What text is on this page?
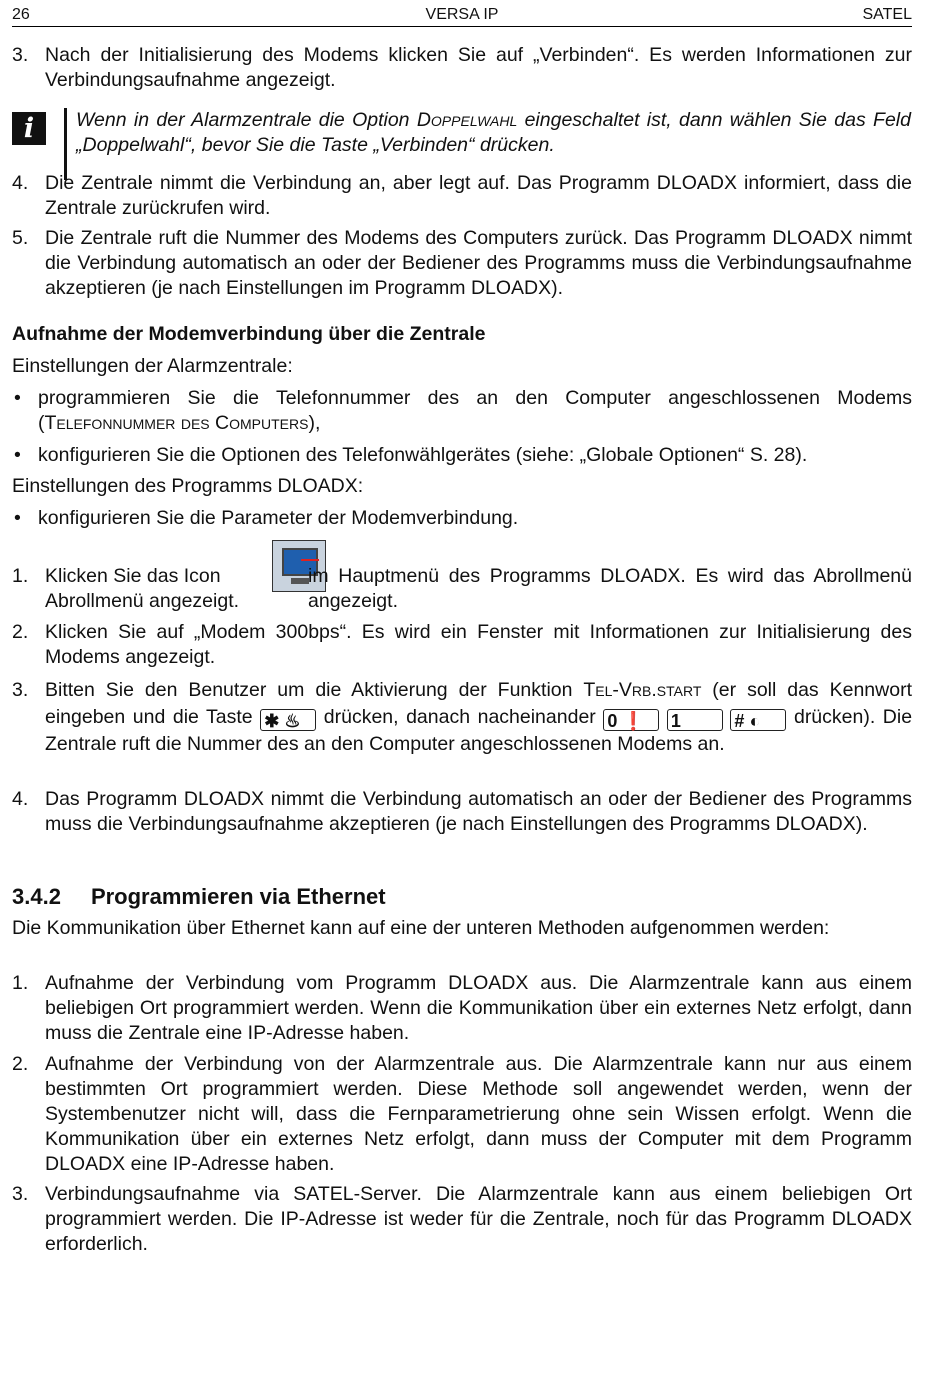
26	VERSA IP	SATEL
3. Nach der Initialisierung des Modems klicken Sie auf „Verbinden“. Es werden Informationen zur Verbindungsaufnahme angezeigt.
i	Wenn in der Alarmzentrale die Option Doppelwahl eingeschaltet ist, dann wählen Sie das Feld „Doppelwahl“, bevor Sie die Taste „Verbinden“ drücken.
4. Die Zentrale nimmt die Verbindung an, aber legt auf. Das Programm DLOADX informiert, dass die Zentrale zurückrufen wird.
5. Die Zentrale ruft die Nummer des Modems des Computers zurück. Das Programm DLOADX nimmt die Verbindung automatisch an oder der Bediener des Programms muss die Verbindungsaufnahme akzeptieren (je nach Einstellungen im Programm DLOADX).
Aufnahme der Modemverbindung über die Zentrale
Einstellungen der Alarmzentrale:
• programmieren Sie die Telefonnummer des an den Computer angeschlossenen Modems (Telefonnummer des Computers),
• konfigurieren Sie die Optionen des Telefonwählgerätes (siehe: „Globale Optionen“ S. 28).
Einstellungen des Programms DLOADX:
• konfigurieren Sie die Parameter der Modemverbindung.
1. Klicken Sie das Icon	im Hauptmenü des Programms DLOADX. Es wird das Abrollmenü angezeigt.
Abrollmenü angezeigt.
2. Klicken Sie auf „Modem 300bps“. Es wird ein Fenster mit Informationen zur Initialisierung des Modems angezeigt.
3. Bitten Sie den Benutzer um die Aktivierung der Funktion Tel-Vrb.start (er soll das Kennwort eingeben und die Taste ✱ ♨ drücken, danach nacheinander 0 ❗ 1	# ◐ drücken). Die Zentrale ruft die Nummer des an den Computer angeschlossenen Modems an.
4. Das Programm DLOADX nimmt die Verbindung automatisch an oder der Bediener des Programms muss die Verbindungsaufnahme akzeptieren (je nach Einstellungen des Programms DLOADX).
3.4.2 Programmieren via Ethernet
Die Kommunikation über Ethernet kann auf eine der unteren Methoden aufgenommen werden:
1. Aufnahme der Verbindung vom Programm DLOADX aus. Die Alarmzentrale kann aus einem beliebigen Ort programmiert werden. Wenn die Kommunikation über ein externes Netz erfolgt, dann muss die Zentrale eine IP-Adresse haben.
2. Aufnahme der Verbindung von der Alarmzentrale aus. Die Alarmzentrale kann nur aus einem bestimmten Ort programmiert werden. Diese Methode soll angewendet werden, wenn der Systembenutzer nicht will, dass die Fernparametrierung ohne sein Wissen erfolgt. Wenn die Kommunikation über ein externes Netz erfolgt, dann muss der Computer mit dem Programm DLOADX eine IP-Adresse haben.
3. Verbindungsaufnahme via SATEL-Server. Die Alarmzentrale kann aus einem beliebigen Ort programmiert werden. Die IP-Adresse ist weder für die Zentrale, noch für das Programm DLOADX erforderlich.
